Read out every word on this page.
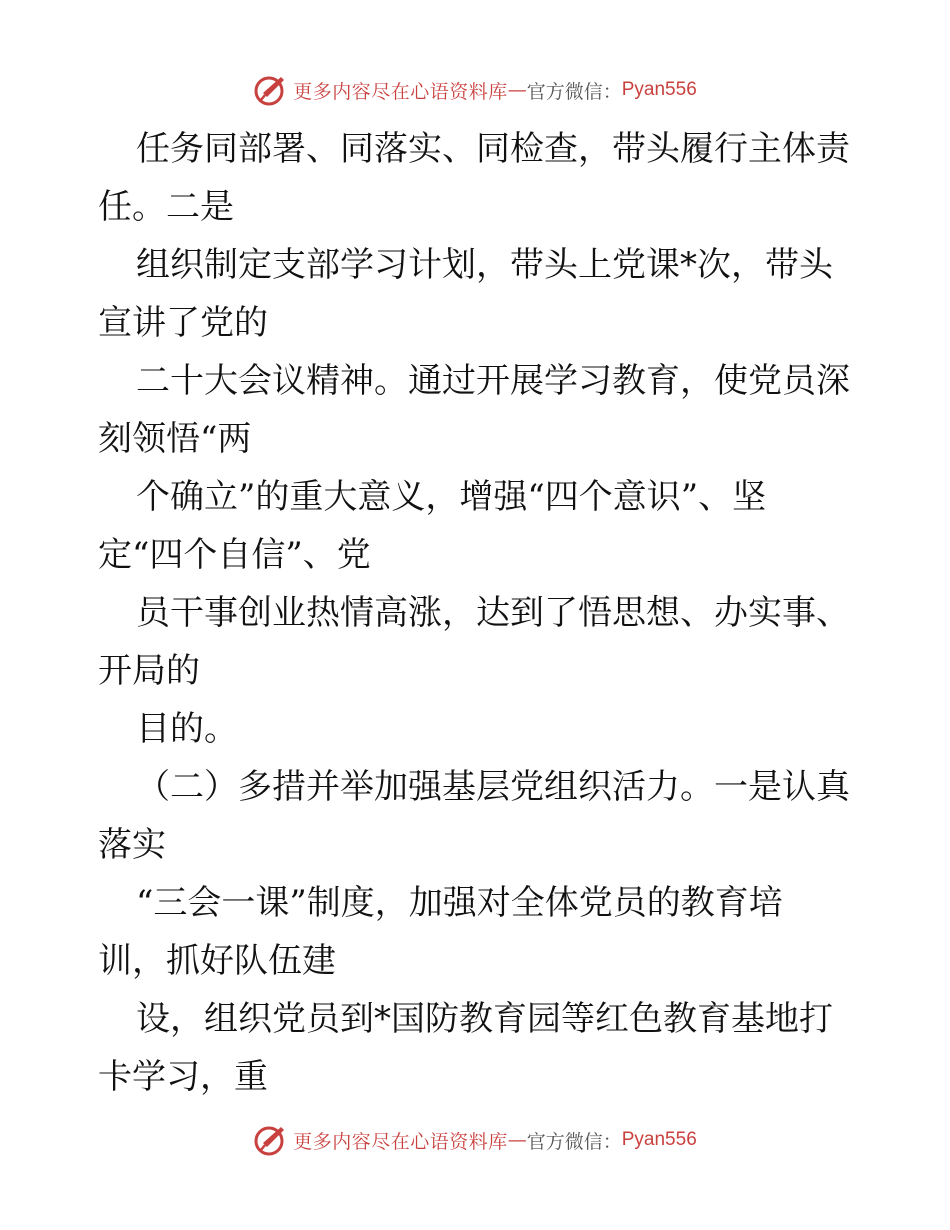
更多内容尽在心语资料库 — 官方微信： Pyan556
任务同部署、同落实、同检查，带头履行主体责
任。二是
组织制定支部学习计划，带头上党课*次，带头
宣讲了党的
二十大会议精神。通过开展学习教育，使党员深
刻领悟“两
个确立”的重大意义，增强“四个意识”、坚
定“四个自信”、党
员干事创业热情高涨，达到了悟思想、办实事、
开局的
目的。
（二）多措并举加强基层党组织活力。一是认真
落实
“三会一课”制度，加强对全体党员的教育培
训，抓好队伍建
设，组织党员到*国防教育园等红色教育基地打
卡学习，重
更多内容尽在心语资料库 — 官方微信： Pyan556
